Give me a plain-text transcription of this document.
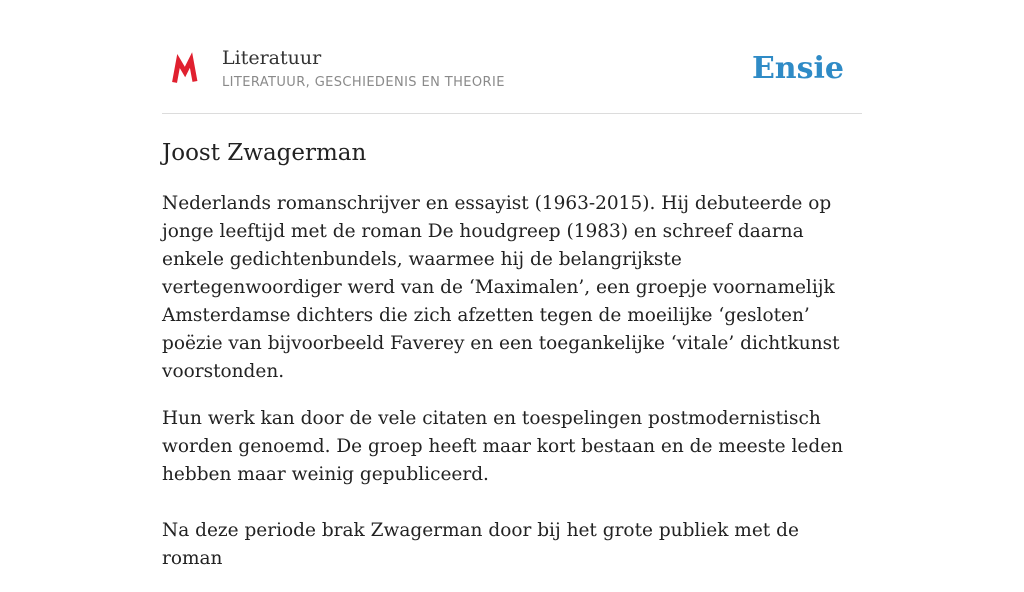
Literatuur
LITERATUUR, GESCHIEDENIS EN THEORIE	Ensie
Joost Zwagerman

Nederlands romanschrijver en essayist (1963-2015). Hij debuteerde op jonge leeftijd met de roman De houdgreep (1983) en schreef daarna enkele gedichtenbundels, waarmee hij de belangrijkste vertegenwoordiger werd van de ‘Maximalen’, een groepje voornamelijk Amsterdamse dichters die zich afzetten tegen de moeilijke ‘gesloten’ poëzie van bijvoorbeeld Faverey en een toegankelijke ‘vitale’ dichtkunst voorstonden.

Hun werk kan door de vele citaten en toespelingen postmodernistisch worden genoemd. De groep heeft maar kort bestaan en de meeste leden hebben maar weinig gepubliceerd.

Na deze periode brak Zwagerman door bij het grote publiek met de roman
